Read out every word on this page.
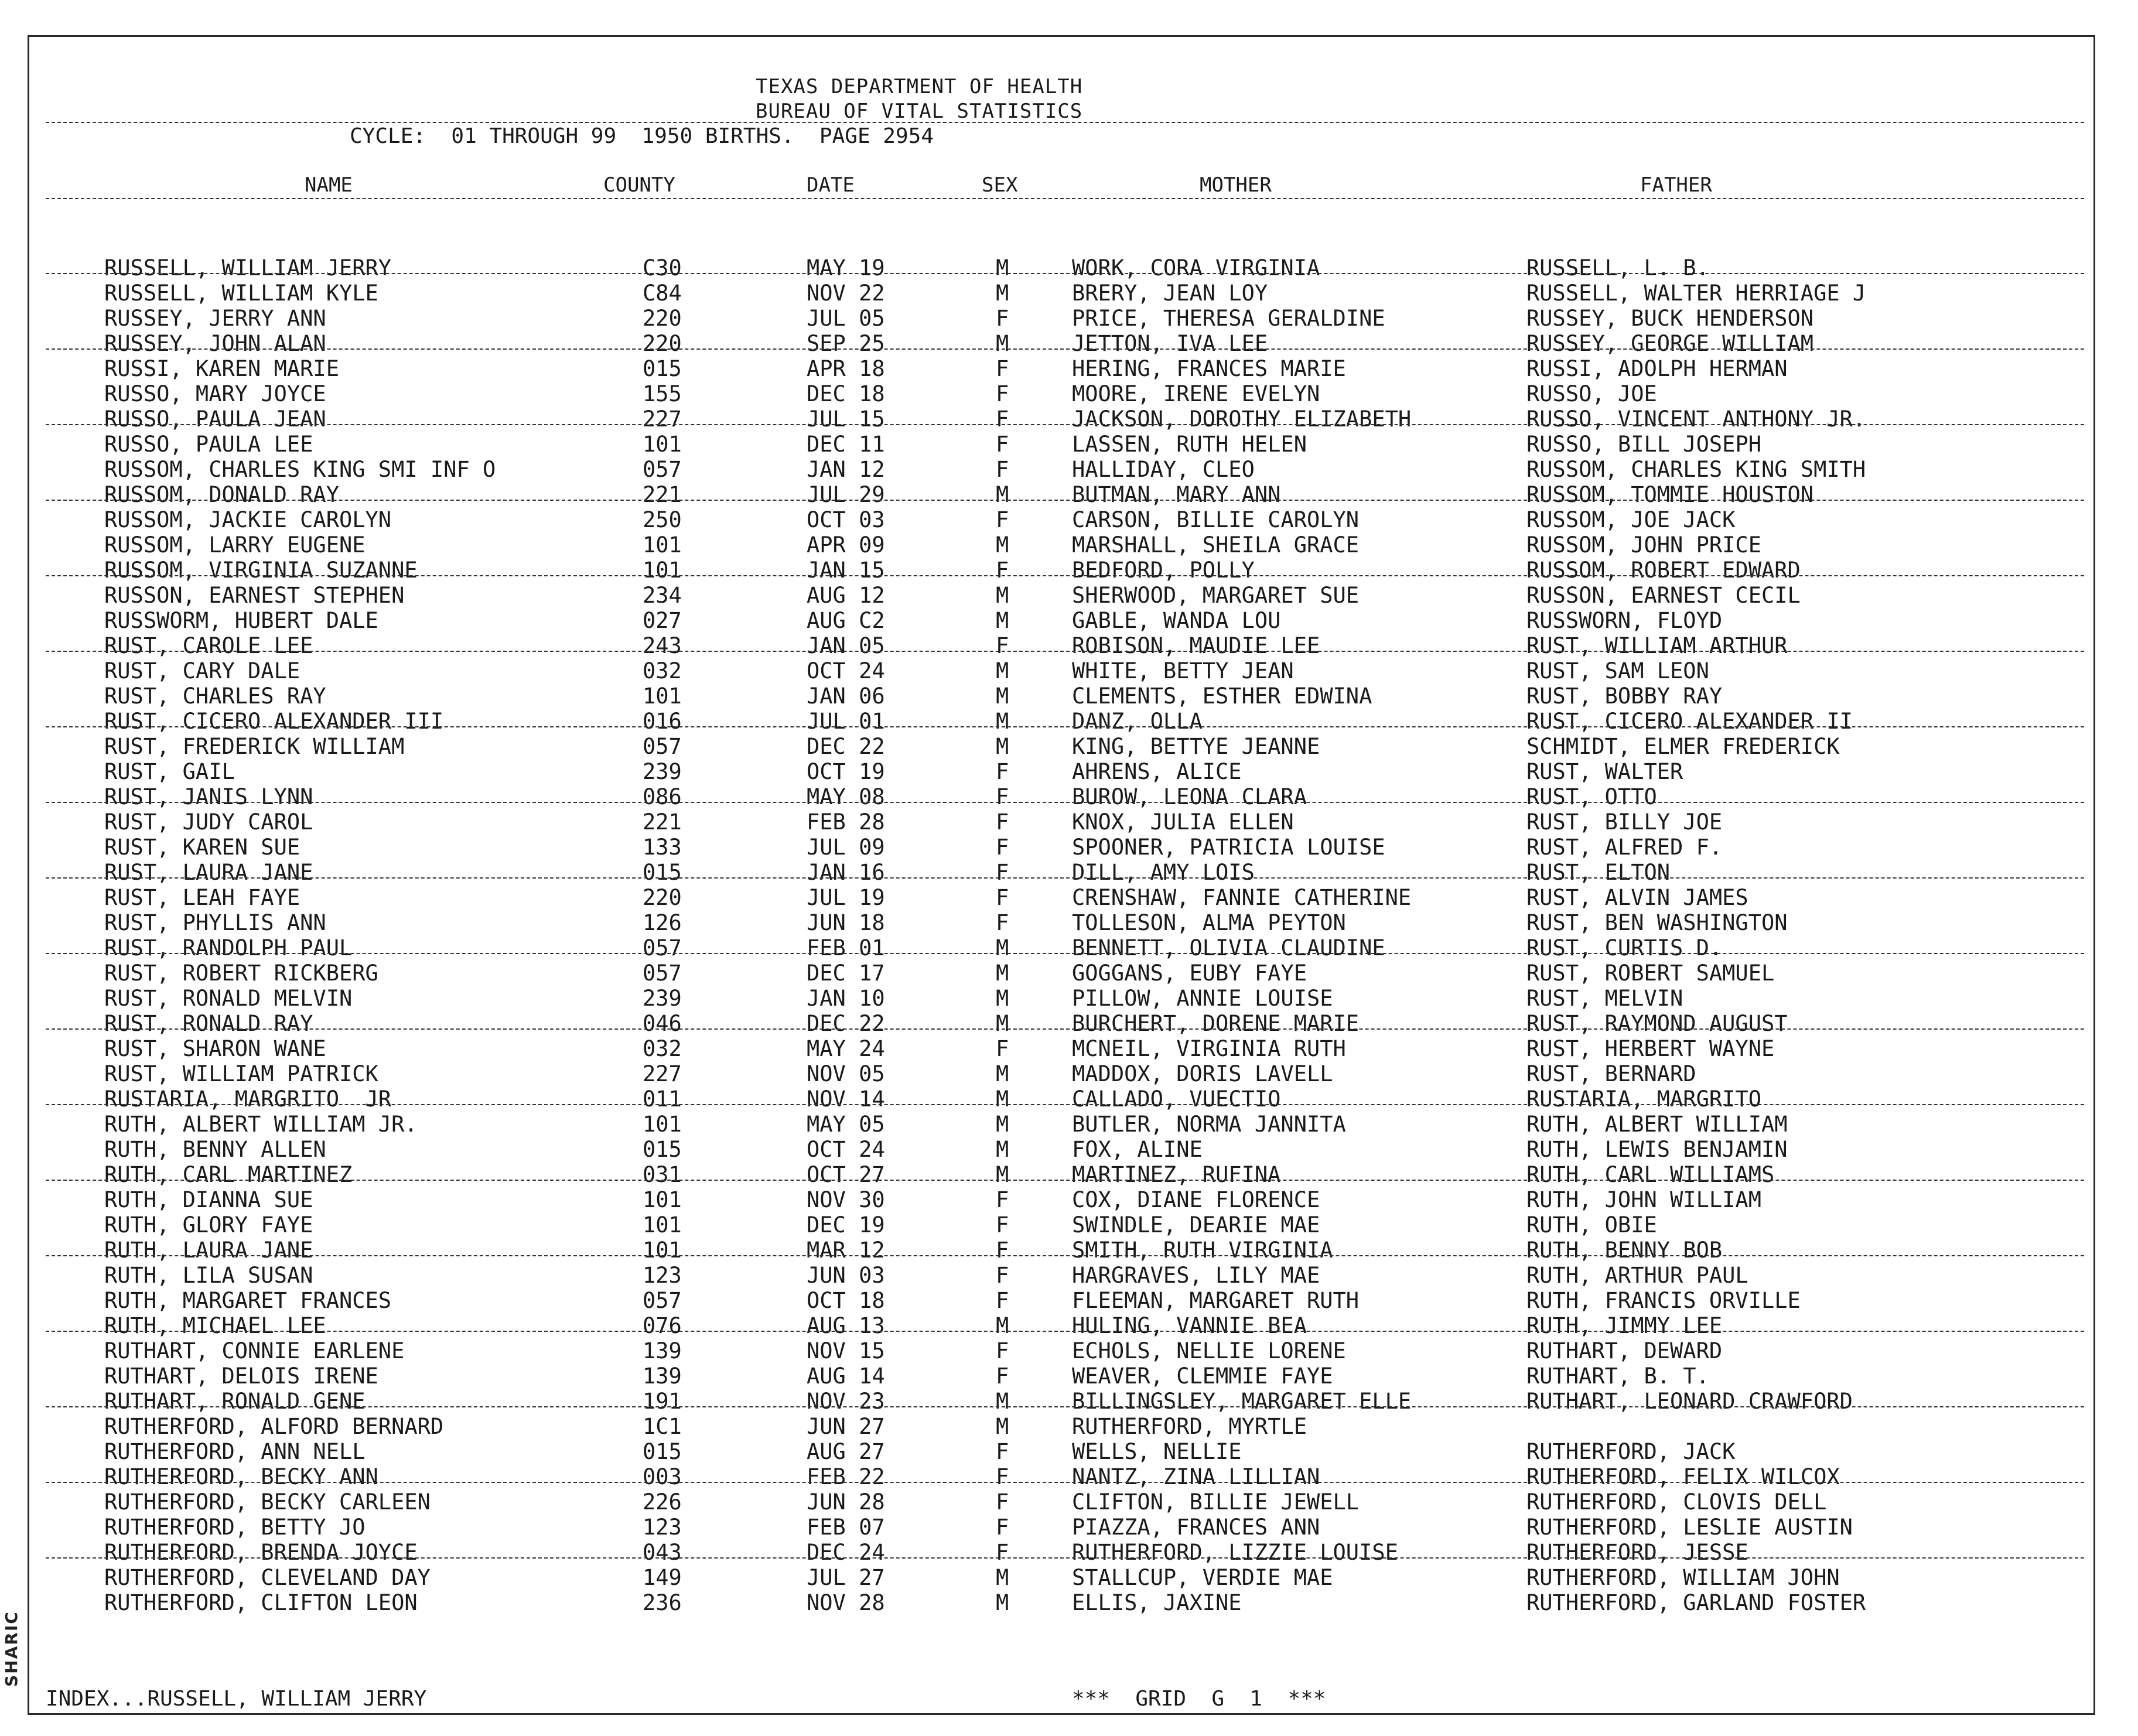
SHARIC
TEXAS DEPARTMENT OF HEALTH
BUREAU OF VITAL STATISTICS
CYCLE:  01 THROUGH 99  1950 BIRTHS.  PAGE 2954
NAME	COUNTY	DATE	SEX	MOTHER	FATHER
RUSSELL, WILLIAM JERRY	C30	MAY 19	M	WORK, CORA VIRGINIA	RUSSELL, L. B.
RUSSELL, WILLIAM KYLE	C84	NOV 22	M	BRERY, JEAN LOY	RUSSELL, WALTER HERRIAGE J
RUSSEY, JERRY ANN	220	JUL 05	F	PRICE, THERESA GERALDINE	RUSSEY, BUCK HENDERSON
RUSSEY, JOHN ALAN	220	SEP 25	M	JETTON, IVA LEE	RUSSEY, GEORGE WILLIAM
RUSSI, KAREN MARIE	015	APR 18	F	HERING, FRANCES MARIE	RUSSI, ADOLPH HERMAN
RUSSO, MARY JOYCE	155	DEC 18	F	MOORE, IRENE EVELYN	RUSSO, JOE
RUSSO, PAULA JEAN	227	JUL 15	F	JACKSON, DOROTHY ELIZABETH	RUSSO, VINCENT ANTHONY JR.
RUSSO, PAULA LEE	101	DEC 11	F	LASSEN, RUTH HELEN	RUSSO, BILL JOSEPH
RUSSOM, CHARLES KING SMI INF O	057	JAN 12	F	HALLIDAY, CLEO	RUSSOM, CHARLES KING SMITH
RUSSOM, DONALD RAY	221	JUL 29	M	BUTMAN, MARY ANN	RUSSOM, TOMMIE HOUSTON
RUSSOM, JACKIE CAROLYN	250	OCT 03	F	CARSON, BILLIE CAROLYN	RUSSOM, JOE JACK
RUSSOM, LARRY EUGENE	101	APR 09	M	MARSHALL, SHEILA GRACE	RUSSOM, JOHN PRICE
RUSSOM, VIRGINIA SUZANNE	101	JAN 15	F	BEDFORD, POLLY	RUSSOM, ROBERT EDWARD
RUSSON, EARNEST STEPHEN	234	AUG 12	M	SHERWOOD, MARGARET SUE	RUSSON, EARNEST CECIL
RUSSWORM, HUBERT DALE	027	AUG C2	M	GABLE, WANDA LOU	RUSSWORN, FLOYD
RUST, CAROLE LEE	243	JAN 05	F	ROBISON, MAUDIE LEE	RUST, WILLIAM ARTHUR
RUST, CARY DALE	032	OCT 24	M	WHITE, BETTY JEAN	RUST, SAM LEON
RUST, CHARLES RAY	101	JAN 06	M	CLEMENTS, ESTHER EDWINA	RUST, BOBBY RAY
RUST, CICERO ALEXANDER III	016	JUL 01	M	DANZ, OLLA	RUST, CICERO ALEXANDER II
RUST, FREDERICK WILLIAM	057	DEC 22	M	KING, BETTYE JEANNE	SCHMIDT, ELMER FREDERICK
RUST, GAIL	239	OCT 19	F	AHRENS, ALICE	RUST, WALTER
RUST, JANIS LYNN	086	MAY 08	F	BUROW, LEONA CLARA	RUST, OTTO
RUST, JUDY CAROL	221	FEB 28	F	KNOX, JULIA ELLEN	RUST, BILLY JOE
RUST, KAREN SUE	133	JUL 09	F	SPOONER, PATRICIA LOUISE	RUST, ALFRED F.
RUST, LAURA JANE	015	JAN 16	F	DILL, AMY LOIS	RUST, ELTON
RUST, LEAH FAYE	220	JUL 19	F	CRENSHAW, FANNIE CATHERINE	RUST, ALVIN JAMES
RUST, PHYLLIS ANN	126	JUN 18	F	TOLLESON, ALMA PEYTON	RUST, BEN WASHINGTON
RUST, RANDOLPH PAUL	057	FEB 01	M	BENNETT, OLIVIA CLAUDINE	RUST, CURTIS D.
RUST, ROBERT RICKBERG	057	DEC 17	M	GOGGANS, EUBY FAYE	RUST, ROBERT SAMUEL
RUST, RONALD MELVIN	239	JAN 10	M	PILLOW, ANNIE LOUISE	RUST, MELVIN
RUST, RONALD RAY	046	DEC 22	M	BURCHERT, DORENE MARIE	RUST, RAYMOND AUGUST
RUST, SHARON WANE	032	MAY 24	F	MCNEIL, VIRGINIA RUTH	RUST, HERBERT WAYNE
RUST, WILLIAM PATRICK	227	NOV 05	M	MADDOX, DORIS LAVELL	RUST, BERNARD
RUSTARIA, MARGRITO  JR	011	NOV 14	M	CALLADO, VUECTIO	RUSTARIA, MARGRITO
RUTH, ALBERT WILLIAM JR.	101	MAY 05	M	BUTLER, NORMA JANNITA	RUTH, ALBERT WILLIAM
RUTH, BENNY ALLEN	015	OCT 24	M	FOX, ALINE	RUTH, LEWIS BENJAMIN
RUTH, CARL MARTINEZ	031	OCT 27	M	MARTINEZ, RUFINA	RUTH, CARL WILLIAMS
RUTH, DIANNA SUE	101	NOV 30	F	COX, DIANE FLORENCE	RUTH, JOHN WILLIAM
RUTH, GLORY FAYE	101	DEC 19	F	SWINDLE, DEARIE MAE	RUTH, OBIE
RUTH, LAURA JANE	101	MAR 12	F	SMITH, RUTH VIRGINIA	RUTH, BENNY BOB
RUTH, LILA SUSAN	123	JUN 03	F	HARGRAVES, LILY MAE	RUTH, ARTHUR PAUL
RUTH, MARGARET FRANCES	057	OCT 18	F	FLEEMAN, MARGARET RUTH	RUTH, FRANCIS ORVILLE
RUTH, MICHAEL LEE	076	AUG 13	M	HULING, VANNIE BEA	RUTH, JIMMY LEE
RUTHART, CONNIE EARLENE	139	NOV 15	F	ECHOLS, NELLIE LORENE	RUTHART, DEWARD
RUTHART, DELOIS IRENE	139	AUG 14	F	WEAVER, CLEMMIE FAYE	RUTHART, B. T.
RUTHART, RONALD GENE	191	NOV 23	M	BILLINGSLEY, MARGARET ELLE	RUTHART, LEONARD CRAWFORD
RUTHERFORD, ALFORD BERNARD	1C1	JUN 27	M	RUTHERFORD, MYRTLE
RUTHERFORD, ANN NELL	015	AUG 27	F	WELLS, NELLIE	RUTHERFORD, JACK
RUTHERFORD, BECKY ANN	003	FEB 22	F	NANTZ, ZINA LILLIAN	RUTHERFORD, FELIX WILCOX
RUTHERFORD, BECKY CARLEEN	226	JUN 28	F	CLIFTON, BILLIE JEWELL	RUTHERFORD, CLOVIS DELL
RUTHERFORD, BETTY JO	123	FEB 07	F	PIAZZA, FRANCES ANN	RUTHERFORD, LESLIE AUSTIN
RUTHERFORD, BRENDA JOYCE	043	DEC 24	F	RUTHERFORD, LIZZIE LOUISE	RUTHERFORD, JESSE
RUTHERFORD, CLEVELAND DAY	149	JUL 27	M	STALLCUP, VERDIE MAE	RUTHERFORD, WILLIAM JOHN
RUTHERFORD, CLIFTON LEON	236	NOV 28	M	ELLIS, JAXINE	RUTHERFORD, GARLAND FOSTER
INDEX...RUSSELL, WILLIAM JERRY	***  GRID  G  1  ***
